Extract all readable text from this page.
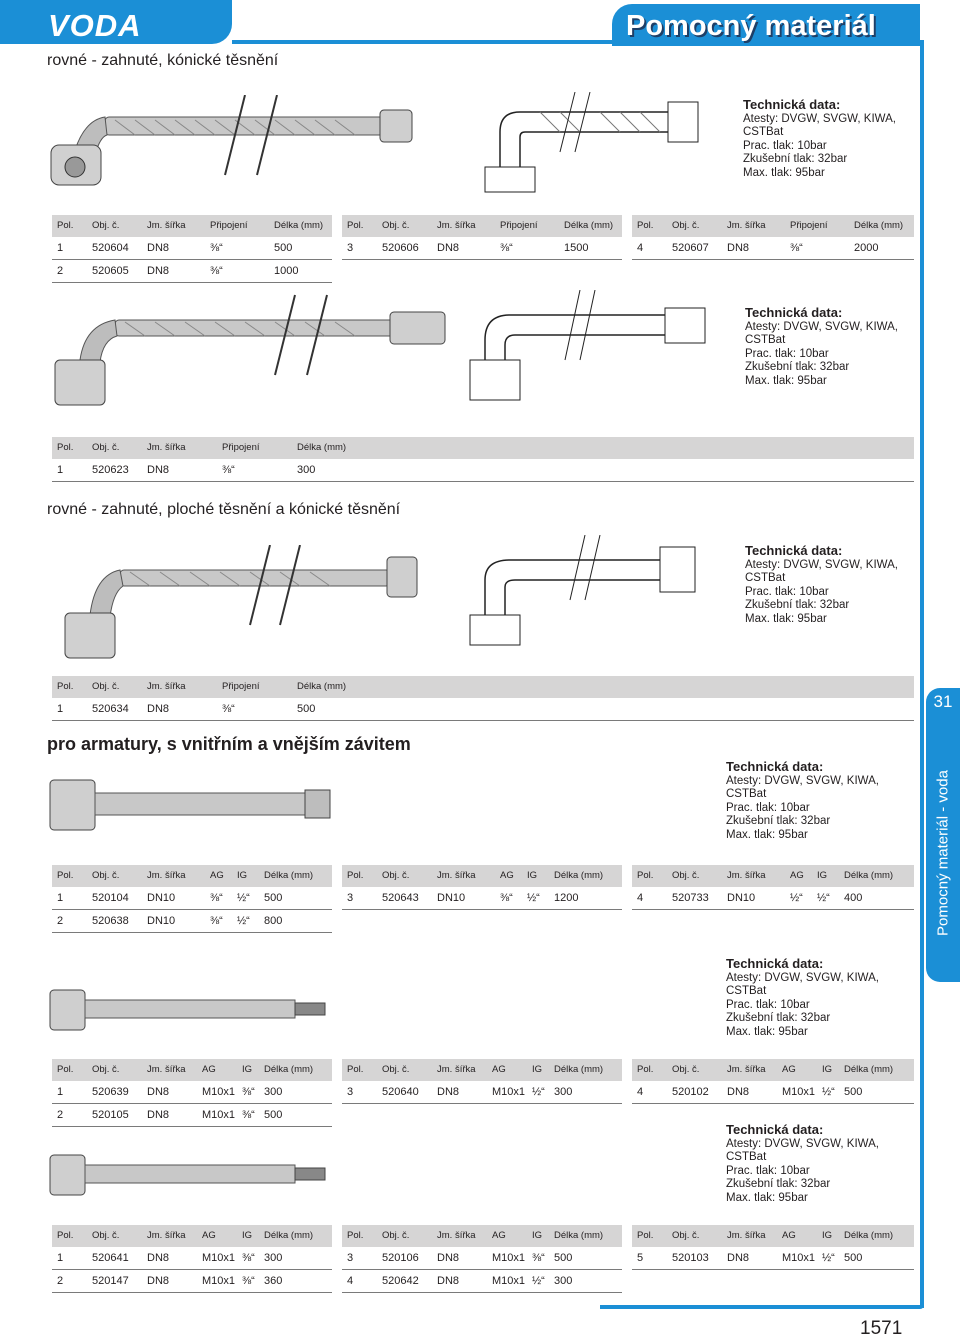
VODA	Pomocný materiál
31
Pomocný materiál - voda
1571
rovné - zahnuté, kónické těsnění
rovné - zahnuté, ploché těsnění a kónické těsnění
pro armatury, s vnitřním a vnějším závitem
Technická data:
Atesty: DVGW, SVGW, KIWA,
CSTBat
Prac. tlak: 10bar
Zkušební tlak: 32bar
Max. tlak: 95bar
Technická data:
Atesty: DVGW, SVGW, KIWA,
CSTBat
Prac. tlak: 10bar
Zkušební tlak: 32bar
Max. tlak: 95bar
Technická data:
Atesty: DVGW, SVGW, KIWA,
CSTBat
Prac. tlak: 10bar
Zkušební tlak: 32bar
Max. tlak: 95bar
Technická data:
Atesty: DVGW, SVGW, KIWA,
CSTBat
Prac. tlak: 10bar
Zkušební tlak: 32bar
Max. tlak: 95bar
Technická data:
Atesty: DVGW, SVGW, KIWA,
CSTBat
Prac. tlak: 10bar
Zkušební tlak: 32bar
Max. tlak: 95bar
Technická data:
Atesty: DVGW, SVGW, KIWA,
CSTBat
Prac. tlak: 10bar
Zkušební tlak: 32bar
Max. tlak: 95bar
Pol. Obj. č.	Jm. šířka	Připojení	Délka (mm)
1	520604 DN8	⅜“	500
2	520605 DN8	⅜“	1000
Pol. Obj. č.	Jm. šířka	Připojení	Délka (mm)
3	520606 DN8	⅜“	1500
Pol. Obj. č.	Jm. šířka	Připojení	Délka (mm)
4	520607 DN8	⅜“	2000
Pol. Obj. č.	Jm. šířka	Připojení	Délka (mm)
1	520623 DN8	⅜“	300
Pol. Obj. č.	Jm. šířka	Připojení	Délka (mm)
1	520634 DN8	⅜“	500
Pol. Obj. č.	Jm. šířka	AG IG Délka (mm)
1	520104 DN10	⅜“ ½“ 500
2	520638 DN10	⅜“ ½“ 800
Pol. Obj. č.	Jm. šířka	AG IG Délka (mm)
3	520643 DN10	⅜“ ½“ 1200
Pol. Obj. č.	Jm. šířka	AG IG Délka (mm)
4	520733 DN10	½“ ½“ 400
Pol. Obj. č.	Jm. šířka AG	IG Délka (mm)
1	520639 DN8	M10x1 ⅜“ 300
2	520105 DN8	M10x1 ⅜“ 500
Pol. Obj. č.	Jm. šířka AG	IG Délka (mm)
3	520640 DN8	M10x1 ½“ 300
Pol. Obj. č.	Jm. šířka AG	IG Délka (mm)
4	520102 DN8	M10x1 ½“ 500
Pol. Obj. č.	Jm. šířka AG	IG Délka (mm)
1	520641 DN8	M10x1 ⅜“ 300
2	520147 DN8	M10x1 ⅜“ 360
Pol. Obj. č.	Jm. šířka AG	IG Délka (mm)
3	520106 DN8	M10x1 ⅜“ 500
4	520642 DN8	M10x1 ½“ 300
Pol. Obj. č.	Jm. šířka AG	IG Délka (mm)
5	520103 DN8	M10x1 ½“ 500
